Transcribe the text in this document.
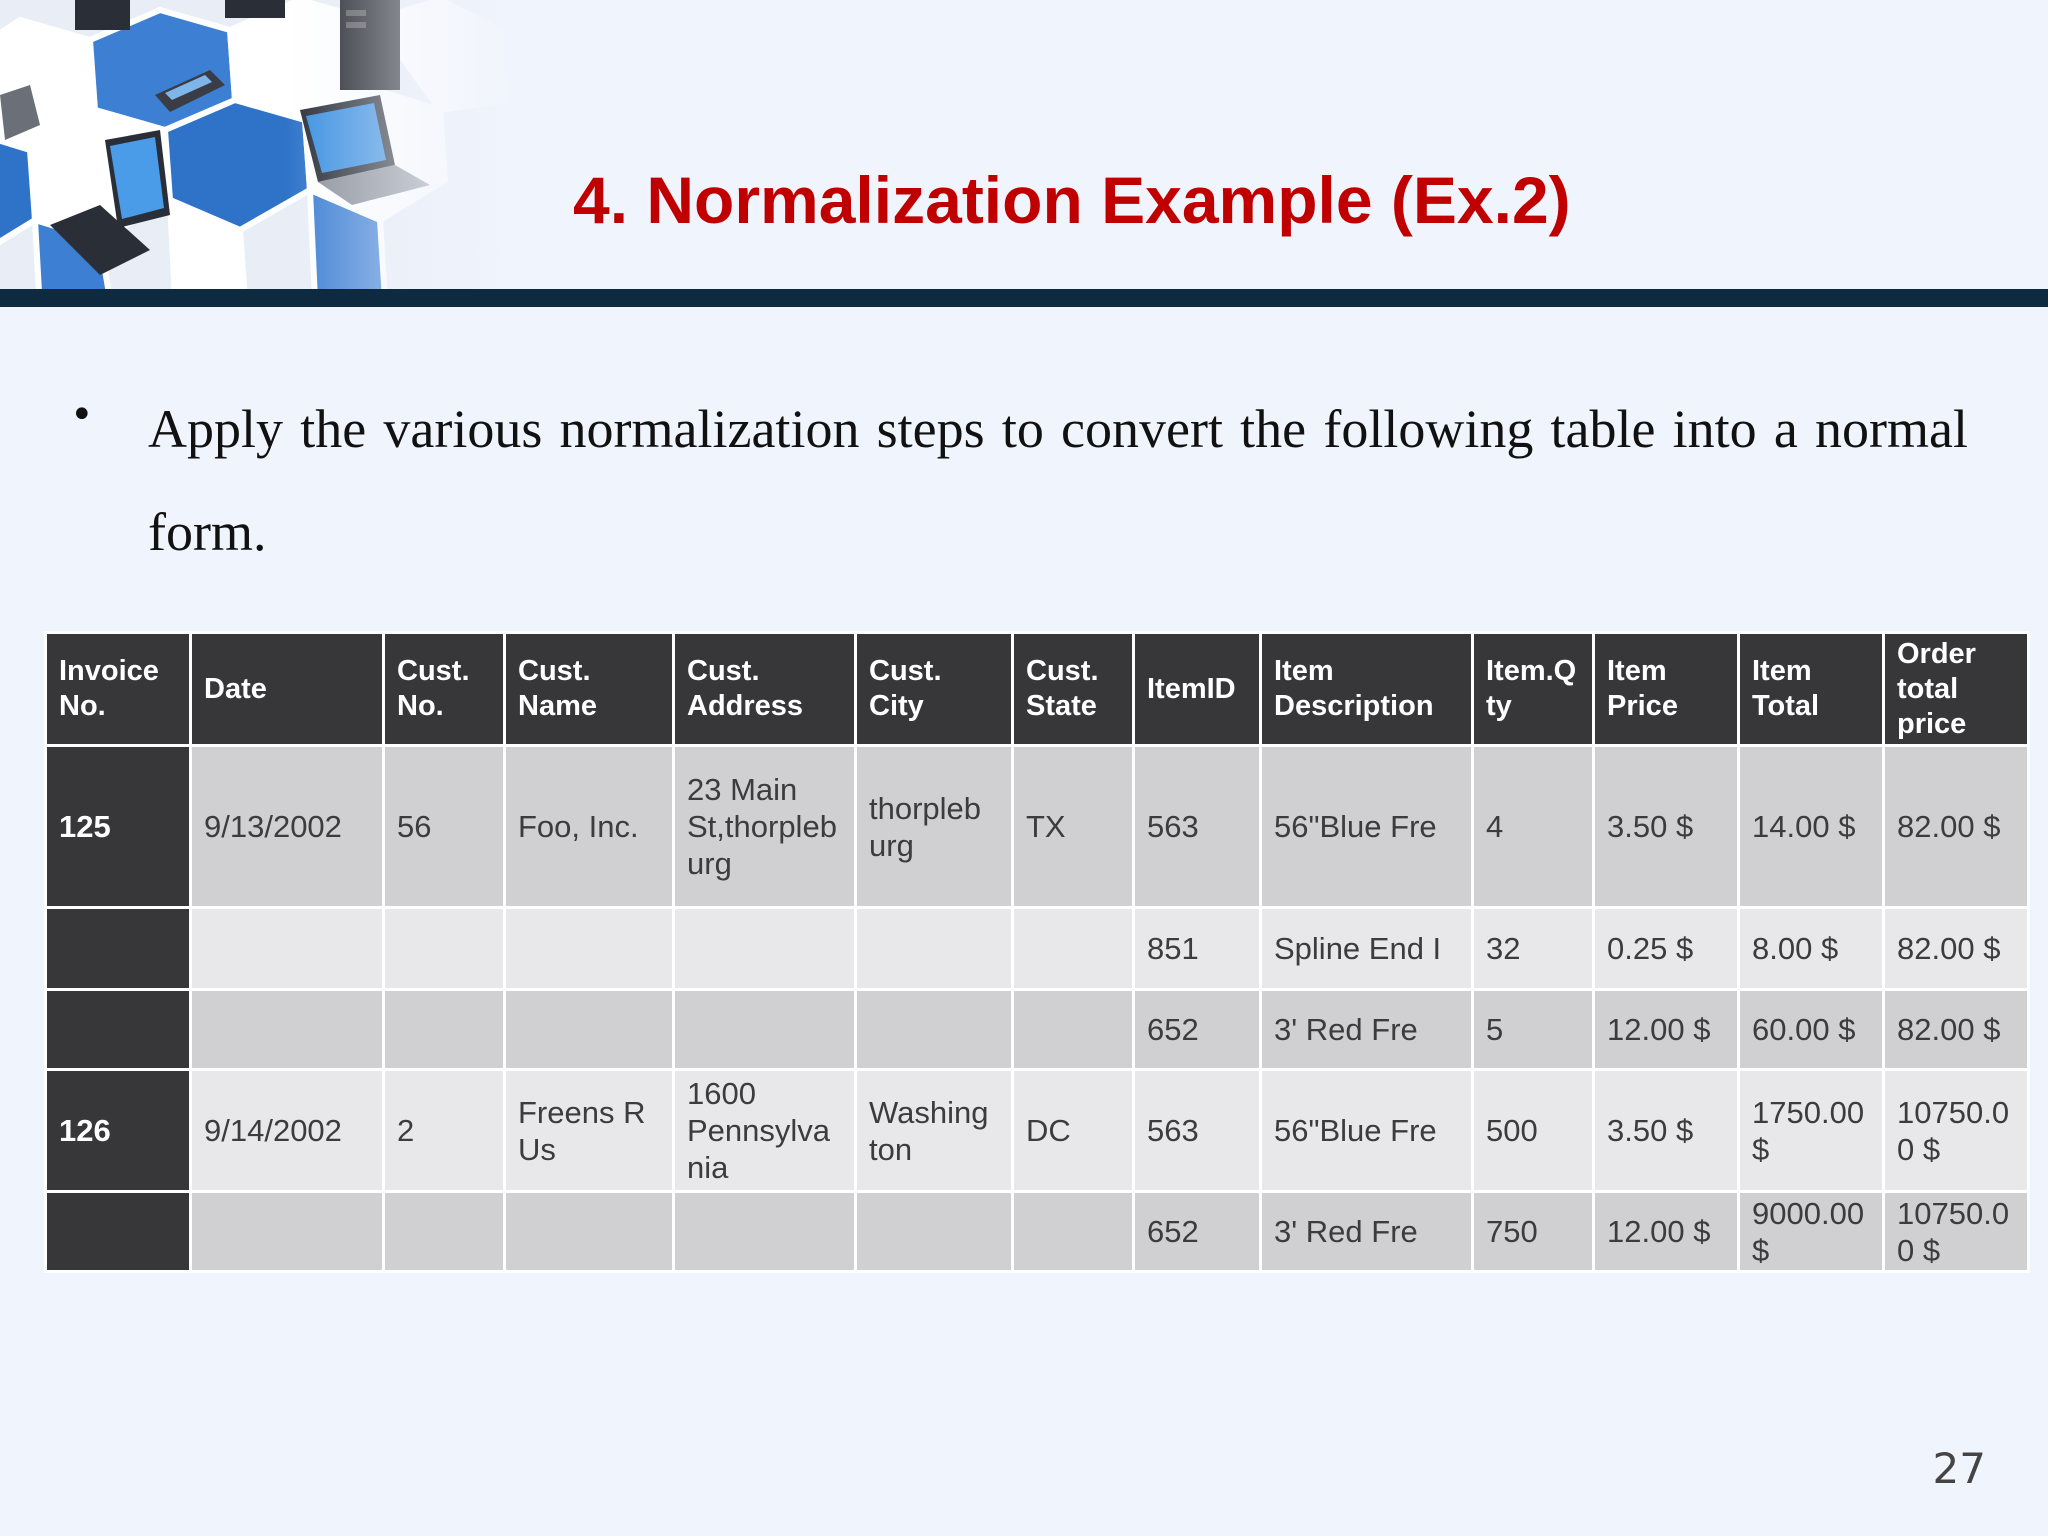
4. Normalization Example (Ex.2)
• Apply the various normalization steps to convert the following table into a normal form.
Invoice No.	Date	Cust. No.	Cust. Name	Cust. Address	Cust. City	Cust. State	ItemID	Item Description	Item.Q ty	Item Price	Item Total	Order total price
125	9/13/2002	56	Foo, Inc.	23 Main St,thorpleb urg	thorpleb urg	TX	563	56"Blue Fre	4	3.50 $	14.00 $	82.00 $
							851	Spline End I	32	0.25 $	8.00 $	82.00 $
							652	3' Red Fre	5	12.00 $	60.00 $	82.00 $
126	9/14/2002	2	Freens R Us	1600 Pennsylva nia	Washing ton	DC	563	56"Blue Fre	500	3.50 $	1750.00 $	10750.0 0 $
							652	3' Red Fre	750	12.00 $	9000.00 $	10750.0 0 $
27
